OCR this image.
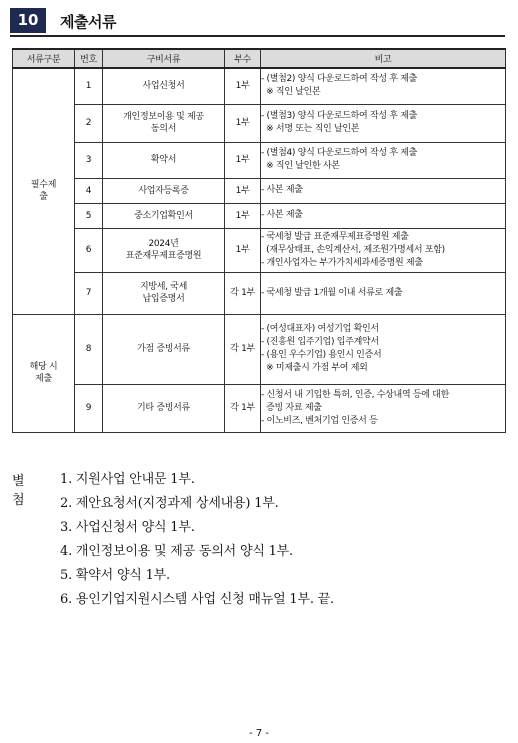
10	제출서류
서류구분	번호	구비서류	부수	비고
필수제출	1	사업신청서	1부	- (별첨2) 양식 다운로드하여 작성 후 제출
※ 직인 날인본

	2	개인정보이용 및 제공
동의서	1부	- (별첨3) 양식 다운로드하여 작성 후 제출
※ 서명 또는 직인 날인본

	3	확약서	1부	- (별첨4) 양식 다운로드하여 작성 후 제출
※ 직인 날인한 사본

	4	사업자등록증	1부	- 사본 제출

	5	중소기업확인서	1부	- 사본 제출

	6	2024년
표준재무제표증명원	1부	- 국세청 발급 표준재무제표증명원 제출
(재무상태표, 손익계산서, 제조원가명세서 포함)
- 개인사업자는 부가가치세과세증명원 제출

	7	지방세, 국세
납입증명서	각 1부	- 국세청 발급 1개월 이내 서류로 제출

해당 시 제출	8	가점 증빙서류	각 1부	- (여성대표자) 여성기업 확인서
- (진흥원 입주기업) 입주계약서
- (용인 우수기업) 용인시 인증서
※ 미제출시 가점 부여 제외

	9	기타 증빙서류	각 1부	- 신청서 내 기입한 특허, 인증, 수상내역 등에 대한
증빙 자료 제출
- 이노비즈, 벤처기업 인증서 등
별첨
1. 지원사업 안내문 1부.
2. 제안요청서(지정과제 상세내용) 1부.
3. 사업신청서 양식 1부.
4. 개인정보이용 및 제공 동의서 양식 1부.
5. 확약서 양식 1부.
6. 용인기업지원시스템 사업 신청 매뉴얼 1부. 끝.
- 7 -
